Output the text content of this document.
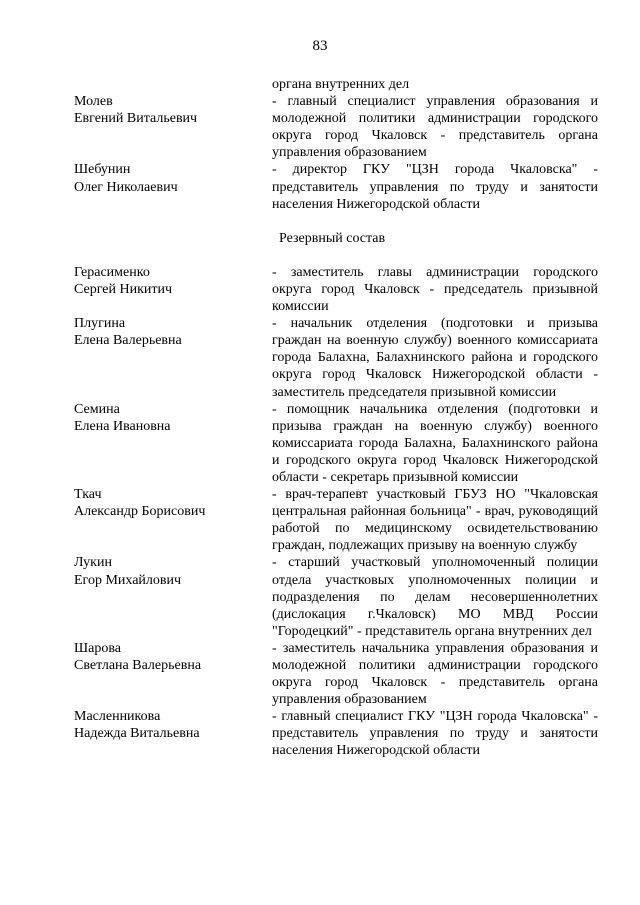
83
органа внутренних дел
Молев
Евгений Витальевич
- главный специалист управления образования и молодежной политики администрации городского округа город Чкаловск - представитель органа управления образованием
Шебунин
Олег Николаевич
- директор ГКУ "ЦЗН города Чкаловска" - представитель управления по труду и занятости населения Нижегородской области
Резервный состав
Герасименко
Сергей Никитич
- заместитель главы администрации городского округа город Чкаловск - председатель призывной комиссии
Плугина
Елена Валерьевна
- начальник отделения (подготовки и призыва граждан на военную службу) военного комиссариата города Балахна, Балахнинского района и городского округа город Чкаловск Нижегородской области - заместитель председателя призывной комиссии
Семина
Елена Ивановна
- помощник начальника отделения (подготовки и призыва граждан на военную службу) военного комиссариата города Балахна, Балахнинского района и городского округа город Чкаловск Нижегородской области - секретарь призывной комиссии
Ткач
Александр Борисович
- врач-терапевт участковый ГБУЗ НО "Чкаловская центральная районная больница" - врач, руководящий работой по медицинскому освидетельствованию граждан, подлежащих призыву на военную службу
Лукин
Егор Михайлович
- старший участковый уполномоченный полиции отдела участковых уполномоченных полиции и подразделения по делам несовершеннолетних (дислокация г.Чкаловск) МО МВД России "Городецкий" - представитель органа внутренних дел
Шарова
Светлана Валерьевна
- заместитель начальника управления образования и молодежной политики администрации городского округа город Чкаловск - представитель органа управления образованием
Масленникова
Надежда Витальевна
- главный специалист ГКУ "ЦЗН города Чкаловска" - представитель управления по труду и занятости населения Нижегородской области
